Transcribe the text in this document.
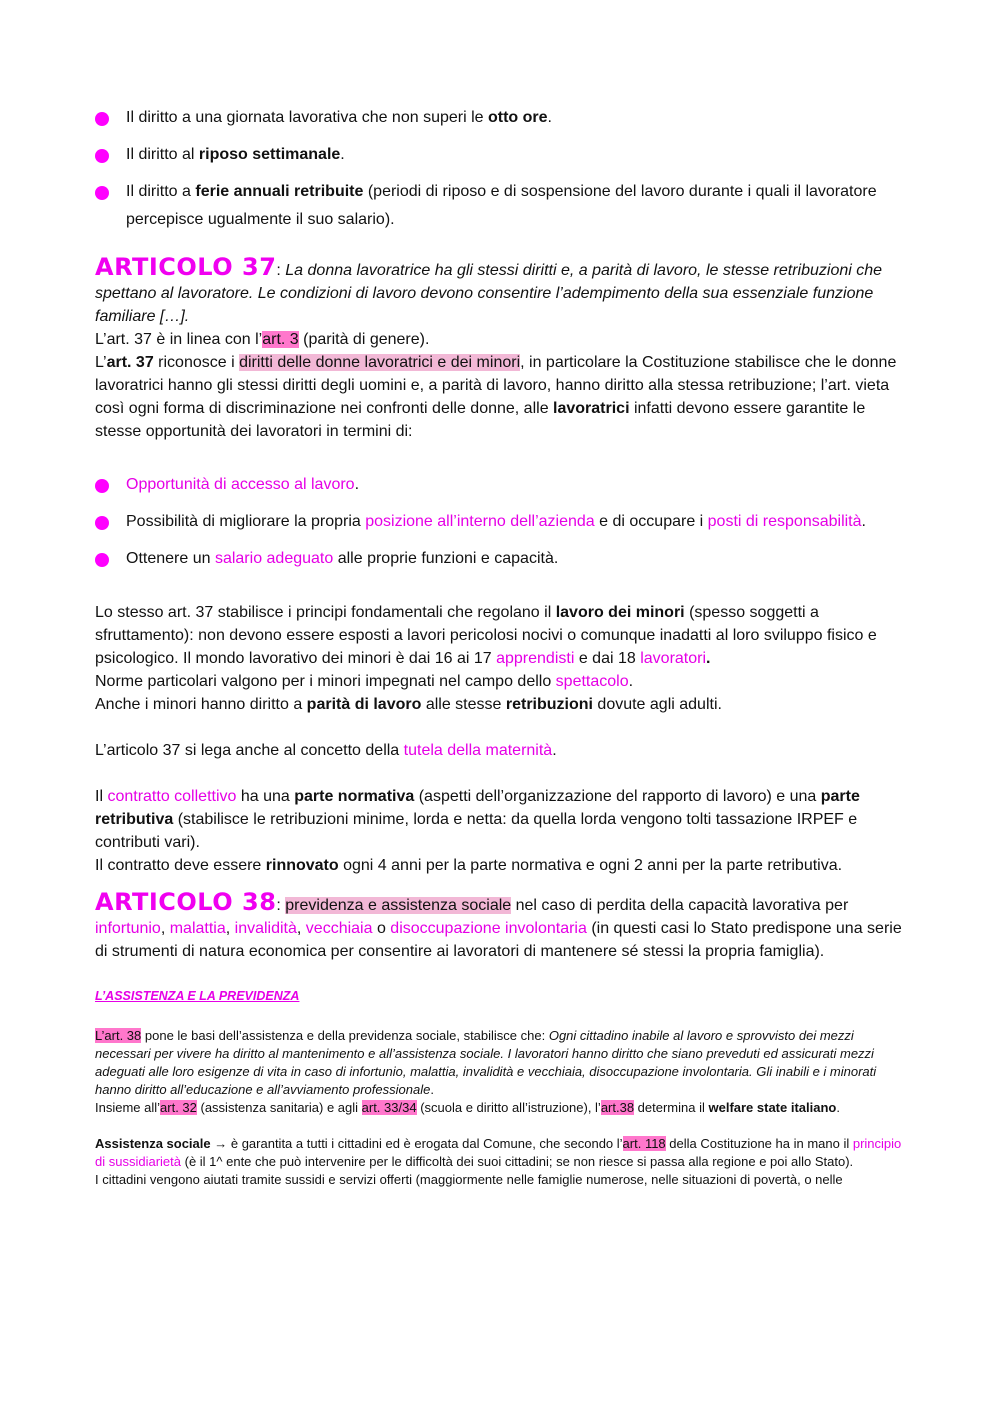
Il diritto a una giornata lavorativa che non superi le otto ore.
Il diritto al riposo settimanale.
Il diritto a ferie annuali retribuite (periodi di riposo e di sospensione del lavoro durante i quali il lavoratore percepisce ugualmente il suo salario).

ARTICOLO 37: La donna lavoratrice ha gli stessi diritti e, a parità di lavoro, le stesse retribuzioni che spettano al lavoratore. Le condizioni di lavoro devono consentire l’adempimento della sua essenziale funzione familiare […].

L’art. 37 è in linea con l’art. 3 (parità di genere).

L’art. 37 riconosce i diritti delle donne lavoratrici e dei minori, in particolare la Costituzione stabilisce che le donne lavoratrici hanno gli stessi diritti degli uomini e, a parità di lavoro, hanno diritto alla stessa retribuzione; l’art. vieta così ogni forma di discriminazione nei confronti delle donne, alle lavoratrici infatti devono essere garantite le stesse opportunità dei lavoratori in termini di:

Opportunità di accesso al lavoro.
Possibilità di migliorare la propria posizione all’interno dell’azienda e di occupare i posti di responsabilità.
Ottenere un salario adeguato alle proprie funzioni e capacità.

Lo stesso art. 37 stabilisce i principi fondamentali che regolano il lavoro dei minori (spesso soggetti a sfruttamento): non devono essere esposti a lavori pericolosi nocivi o comunque inadatti al loro sviluppo fisico e psicologico. Il mondo lavorativo dei minori è dai 16 ai 17 apprendisti e dai 18 lavoratori.

Norme particolari valgono per i minori impegnati nel campo dello spettacolo.

Anche i minori hanno diritto a parità di lavoro alle stesse retribuzioni dovute agli adulti.

L’articolo 37 si lega anche al concetto della tutela della maternità.

Il contratto collettivo ha una parte normativa (aspetti dell’organizzazione del rapporto di lavoro) e una parte retributiva (stabilisce le retribuzioni minime, lorda e netta: da quella lorda vengono tolti tassazione IRPEF e contributi vari).

Il contratto deve essere rinnovato ogni 4 anni per la parte normativa e ogni 2 anni per la parte retributiva.

ARTICOLO 38: previdenza e assistenza sociale nel caso di perdita della capacità lavorativa per infortunio, malattia, invalidità, vecchiaia o disoccupazione involontaria (in questi casi lo Stato predispone una serie di strumenti di natura economica per consentire ai lavoratori di mantenere sé stessi la propria famiglia).

L’ASSISTENZA E LA PREVIDENZA

L’art. 38 pone le basi dell’assistenza e della previdenza sociale, stabilisce che: Ogni cittadino inabile al lavoro e sprovvisto dei mezzi necessari per vivere ha diritto al mantenimento e all’assistenza sociale. I lavoratori hanno diritto che siano preveduti ed assicurati mezzi adeguati alle loro esigenze di vita in caso di infortunio, malattia, invalidità e vecchiaia, disoccupazione involontaria. Gli inabili e i minorati hanno diritto all’educazione e all’avviamento professionale.

Insieme all’art. 32 (assistenza sanitaria) e agli art. 33/34 (scuola e diritto all’istruzione), l’art.38 determina il welfare state italiano.

Assistenza sociale → è garantita a tutti i cittadini ed è erogata dal Comune, che secondo l’art. 118 della Costituzione ha in mano il principio di sussidiarietà (è il 1^ ente che può intervenire per le difficoltà dei suoi cittadini; se non riesce si passa alla regione e poi allo Stato).

I cittadini vengono aiutati tramite sussidi e servizi offerti (maggiormente nelle famiglie numerose, nelle situazioni di povertà, o nelle
